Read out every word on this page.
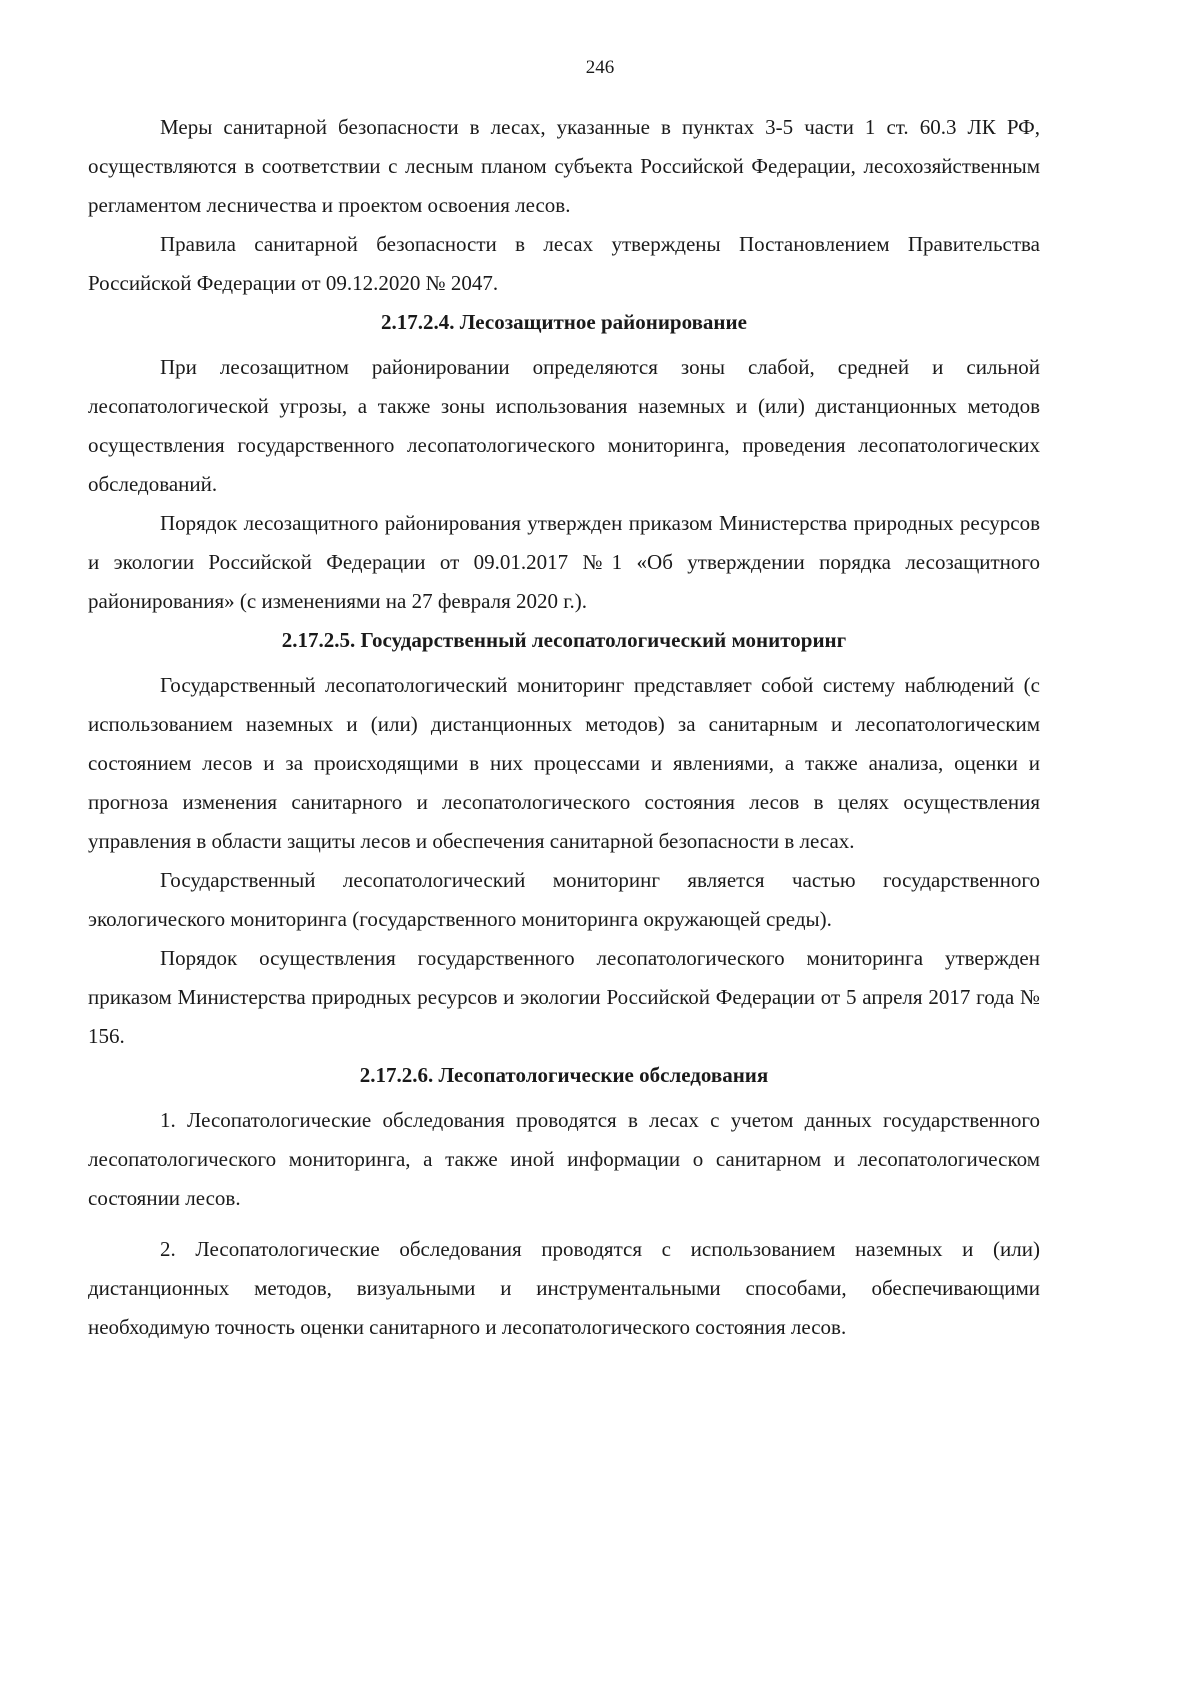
246

Меры санитарной безопасности в лесах, указанные в пунктах 3-5 части 1 ст. 60.3 ЛК РФ, осуществляются в соответствии с лесным планом субъекта Российской Федерации, лесохозяйственным регламентом лесничества и проектом освоения лесов.

Правила санитарной безопасности в лесах утверждены Постановлением Правительства Российской Федерации от 09.12.2020 № 2047.

2.17.2.4. Лесозащитное районирование

При лесозащитном районировании определяются зоны слабой, средней и сильной лесопатологической угрозы, а также зоны использования наземных и (или) дистанционных методов осуществления государственного лесопатологического мониторинга, проведения лесопатологических обследований.

Порядок лесозащитного районирования утвержден приказом Министерства природных ресурсов и экологии Российской Федерации от 09.01.2017 №1 «Об утверждении порядка лесозащитного районирования» (с изменениями на 27 февраля 2020 г.).

2.17.2.5. Государственный лесопатологический мониторинг

Государственный лесопатологический мониторинг представляет собой систему наблюдений (с использованием наземных и (или) дистанционных методов) за санитарным и лесопатологическим состоянием лесов и за происходящими в них процессами и явлениями, а также анализа, оценки и прогноза изменения санитарного и лесопатологического состояния лесов в целях осуществления управления в области защиты лесов и обеспечения санитарной безопасности в лесах.

Государственный лесопатологический мониторинг является частью государственного экологического мониторинга (государственного мониторинга окружающей среды).

Порядок осуществления государственного лесопатологического мониторинга утвержден приказом Министерства природных ресурсов и экологии Российской Федерации от 5 апреля 2017 года № 156.

2.17.2.6. Лесопатологические обследования

1. Лесопатологические обследования проводятся в лесах с учетом данных государственного лесопатологического мониторинга, а также иной информации о санитарном и лесопатологическом состоянии лесов.

2. Лесопатологические обследования проводятся с использованием наземных и (или) дистанционных методов, визуальными и инструментальными способами, обеспечивающими необходимую точность оценки санитарного и лесопатологического состояния лесов.
